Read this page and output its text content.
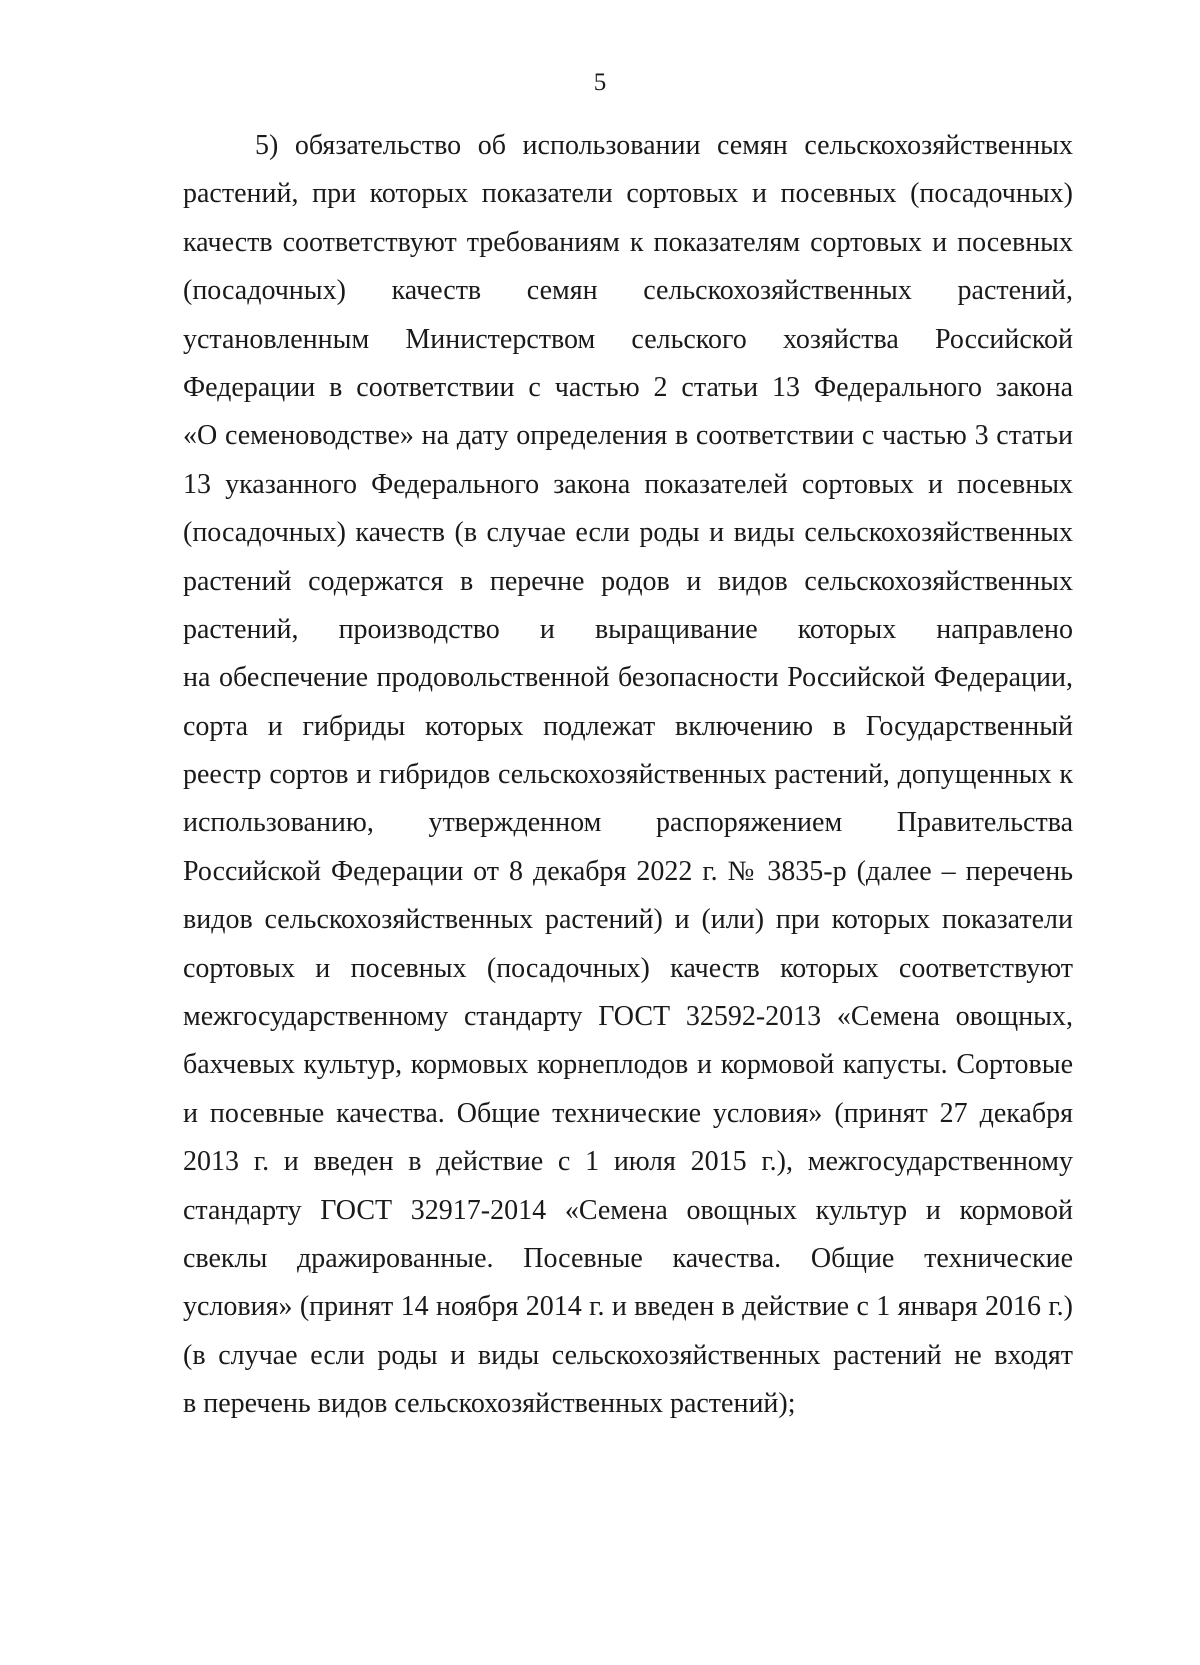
5
5) обязательство об использовании семян сельскохозяйственных
растений, при которых показатели сортовых и посевных (посадочных)
качеств соответствуют требованиям к показателям сортовых и посевных
(посадочных) качеств семян сельскохозяйственных растений,
установленным Министерством сельского хозяйства Российской
Федерации в соответствии с частью 2 статьи 13 Федерального закона
«О семеноводстве» на дату определения в соответствии с частью 3 статьи
13 указанного Федерального закона показателей сортовых и посевных
(посадочных) качеств (в случае если роды и виды сельскохозяйственных
растений содержатся в перечне родов и видов сельскохозяйственных
растений, производство и выращивание которых направлено
на обеспечение продовольственной безопасности Российской Федерации,
сорта и гибриды которых подлежат включению в Государственный
реестр сортов и гибридов сельскохозяйственных растений, допущенных к
использованию, утвержденном распоряжением Правительства
Российской Федерации от 8 декабря 2022 г. № 3835-р (далее – перечень
видов сельскохозяйственных растений) и (или) при которых показатели
сортовых и посевных (посадочных) качеств которых соответствуют
межгосударственному стандарту ГОСТ 32592-2013 «Семена овощных,
бахчевых культур, кормовых корнеплодов и кормовой капусты. Сортовые
и посевные качества. Общие технические условия» (принят 27 декабря
2013 г. и введен в действие с 1 июля 2015 г.), межгосударственному
стандарту ГОСТ 32917-2014 «Семена овощных культур и кормовой
свеклы дражированные. Посевные качества. Общие технические
условия» (принят 14 ноября 2014 г. и введен в действие с 1 января 2016 г.)
(в случае если роды и виды сельскохозяйственных растений не входят
в перечень видов сельскохозяйственных растений);
